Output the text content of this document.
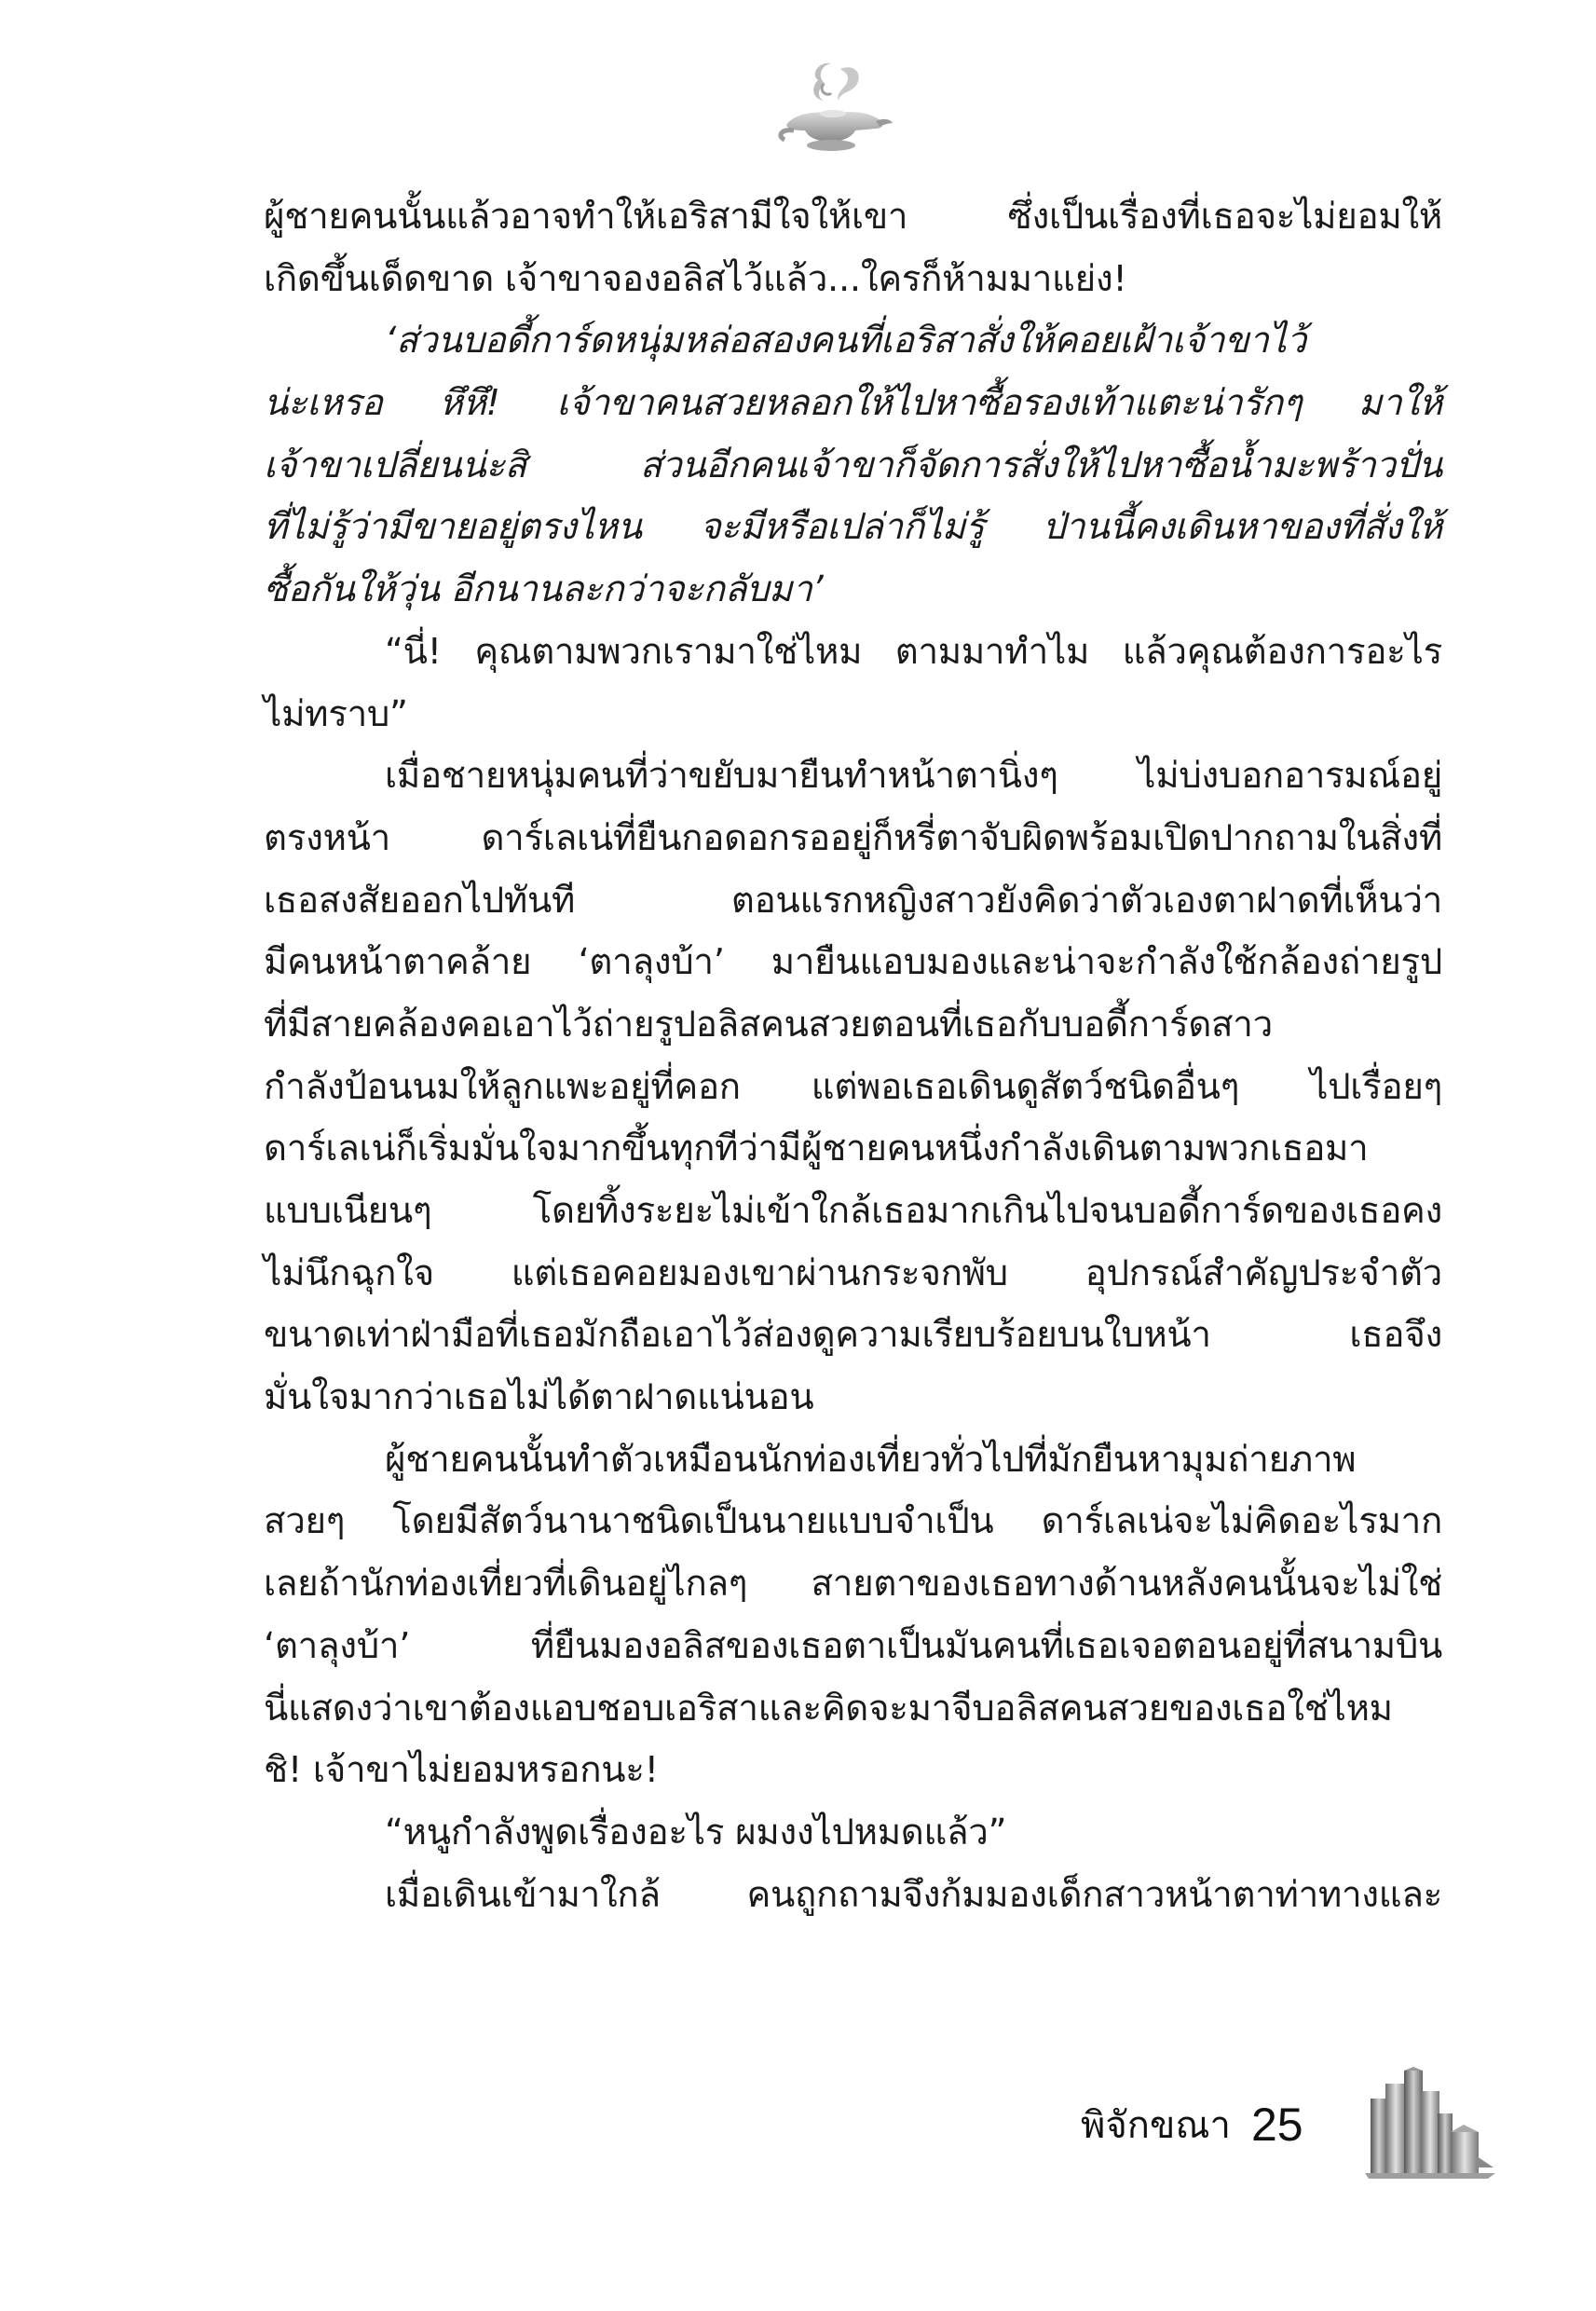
ผู้ชายคนนั้นแล้วอาจทำให้เอริสามีใจให้เขา ซึ่งเป็นเรื่องที่เธอจะไม่ยอมให้
เกิดขึ้นเด็ดขาด เจ้าขาจองอลิสไว้แล้ว...ใครก็ห้ามมาแย่ง!
‘ส่วนบอดี้การ์ดหนุ่มหล่อสองคนที่เอริสาสั่งให้คอยเฝ้าเจ้าขาไว้
น่ะเหรอ หึหึ! เจ้าขาคนสวยหลอกให้ไปหาซื้อรองเท้าแตะน่ารักๆ มาให้
เจ้าขาเปลี่ยนน่ะสิ ส่วนอีกคนเจ้าขาก็จัดการสั่งให้ไปหาซื้อน้ำมะพร้าวปั่น
ที่ไม่รู้ว่ามีขายอยู่ตรงไหน จะมีหรือเปล่าก็ไม่รู้ ป่านนี้คงเดินหาของที่สั่งให้
ซื้อกันให้วุ่น อีกนานละกว่าจะกลับมา’
“นี่! คุณตามพวกเรามาใช่ไหม ตามมาทำไม แล้วคุณต้องการอะไร
ไม่ทราบ”
เมื่อชายหนุ่มคนที่ว่าขยับมายืนทำหน้าตานิ่งๆ ไม่บ่งบอกอารมณ์อยู่
ตรงหน้า ดาร์เลเน่ที่ยืนกอดอกรออยู่ก็หรี่ตาจับผิดพร้อมเปิดปากถามในสิ่งที่
เธอสงสัยออกไปทันที ตอนแรกหญิงสาวยังคิดว่าตัวเองตาฝาดที่เห็นว่า
มีคนหน้าตาคล้าย ‘ตาลุงบ้า’ มายืนแอบมองและน่าจะกำลังใช้กล้องถ่ายรูป
ที่มีสายคล้องคอเอาไว้ถ่ายรูปอลิสคนสวยตอนที่เธอกับบอดี้การ์ดสาว
กำลังป้อนนมให้ลูกแพะอยู่ที่คอก แต่พอเธอเดินดูสัตว์ชนิดอื่นๆ ไปเรื่อยๆ
ดาร์เลเน่ก็เริ่มมั่นใจมากขึ้นทุกทีว่ามีผู้ชายคนหนึ่งกำลังเดินตามพวกเธอมา
แบบเนียนๆ โดยทิ้งระยะไม่เข้าใกล้เธอมากเกินไปจนบอดี้การ์ดของเธอคง
ไม่นึกฉุกใจ แต่เธอคอยมองเขาผ่านกระจกพับ อุปกรณ์สำคัญประจำตัว
ขนาดเท่าฝ่ามือที่เธอมักถือเอาไว้ส่องดูความเรียบร้อยบนใบหน้า เธอจึง
มั่นใจมากว่าเธอไม่ได้ตาฝาดแน่นอน
ผู้ชายคนนั้นทำตัวเหมือนนักท่องเที่ยวทั่วไปที่มักยืนหามุมถ่ายภาพ
สวยๆ โดยมีสัตว์นานาชนิดเป็นนายแบบจำเป็น ดาร์เลเน่จะไม่คิดอะไรมาก
เลยถ้านักท่องเที่ยวที่เดินอยู่ไกลๆ สายตาของเธอทางด้านหลังคนนั้นจะไม่ใช่
‘ตาลุงบ้า’ ที่ยืนมองอลิสของเธอตาเป็นมันคนที่เธอเจอตอนอยู่ที่สนามบิน
นี่แสดงว่าเขาต้องแอบชอบเอริสาและคิดจะมาจีบอลิสคนสวยของเธอใช่ไหม
ชิ! เจ้าขาไม่ยอมหรอกนะ!
“หนูกำลังพูดเรื่องอะไร ผมงงไปหมดแล้ว”
เมื่อเดินเข้ามาใกล้ คนถูกถามจึงก้มมองเด็กสาวหน้าตาท่าทางและ
พิจักขณา 25
